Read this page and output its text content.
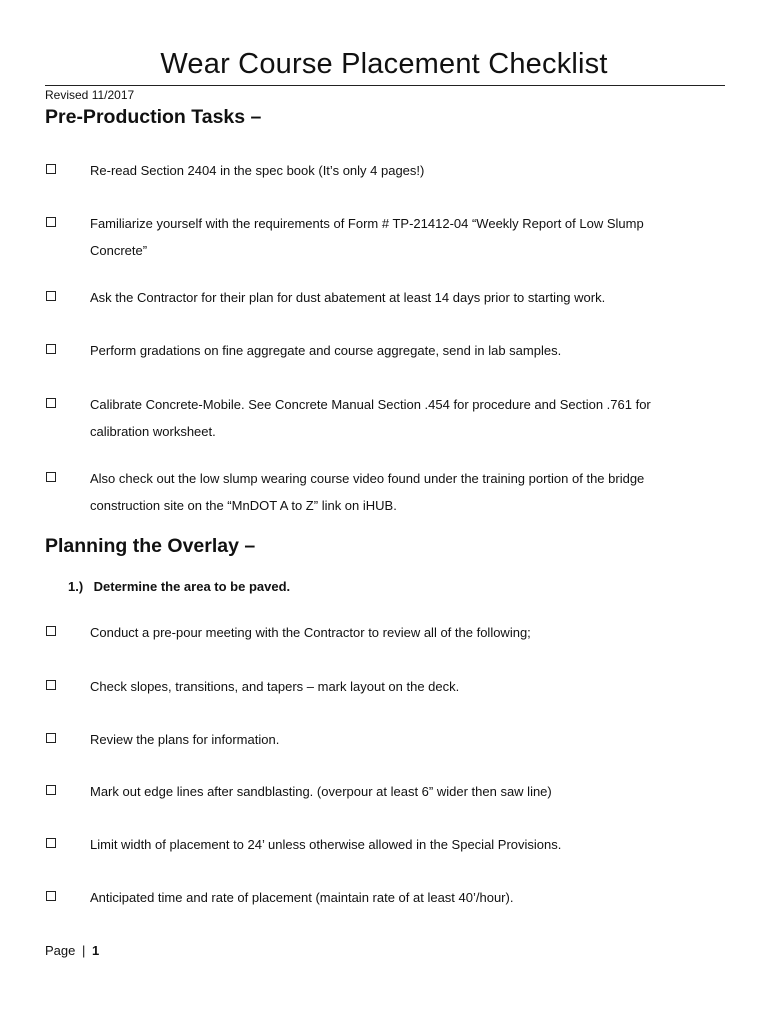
Wear Course Placement Checklist
Revised 11/2017
Pre-Production Tasks –
Re-read Section 2404 in the spec book (It’s only 4 pages!)
Familiarize yourself with the requirements of Form # TP-21412-04 “Weekly Report of Low Slump Concrete”
Ask the Contractor for their plan for dust abatement at least 14 days prior to starting work.
Perform gradations on fine aggregate and course aggregate, send in lab samples.
Calibrate Concrete-Mobile. See Concrete Manual Section .454 for procedure and Section .761 for calibration worksheet.
Also check out the low slump wearing course video found under the training portion of the bridge construction site on the “MnDOT A to Z” link on iHUB.
Planning the Overlay –
1.) Determine the area to be paved.
Conduct a pre-pour meeting with the Contractor to review all of the following;
Check slopes, transitions, and tapers – mark layout on the deck.
Review the plans for information.
Mark out edge lines after sandblasting. (overpour at least 6” wider then saw line)
Limit width of placement to 24’ unless otherwise allowed in the Special Provisions.
Anticipated time and rate of placement (maintain rate of at least 40’/hour).
Page | 1
